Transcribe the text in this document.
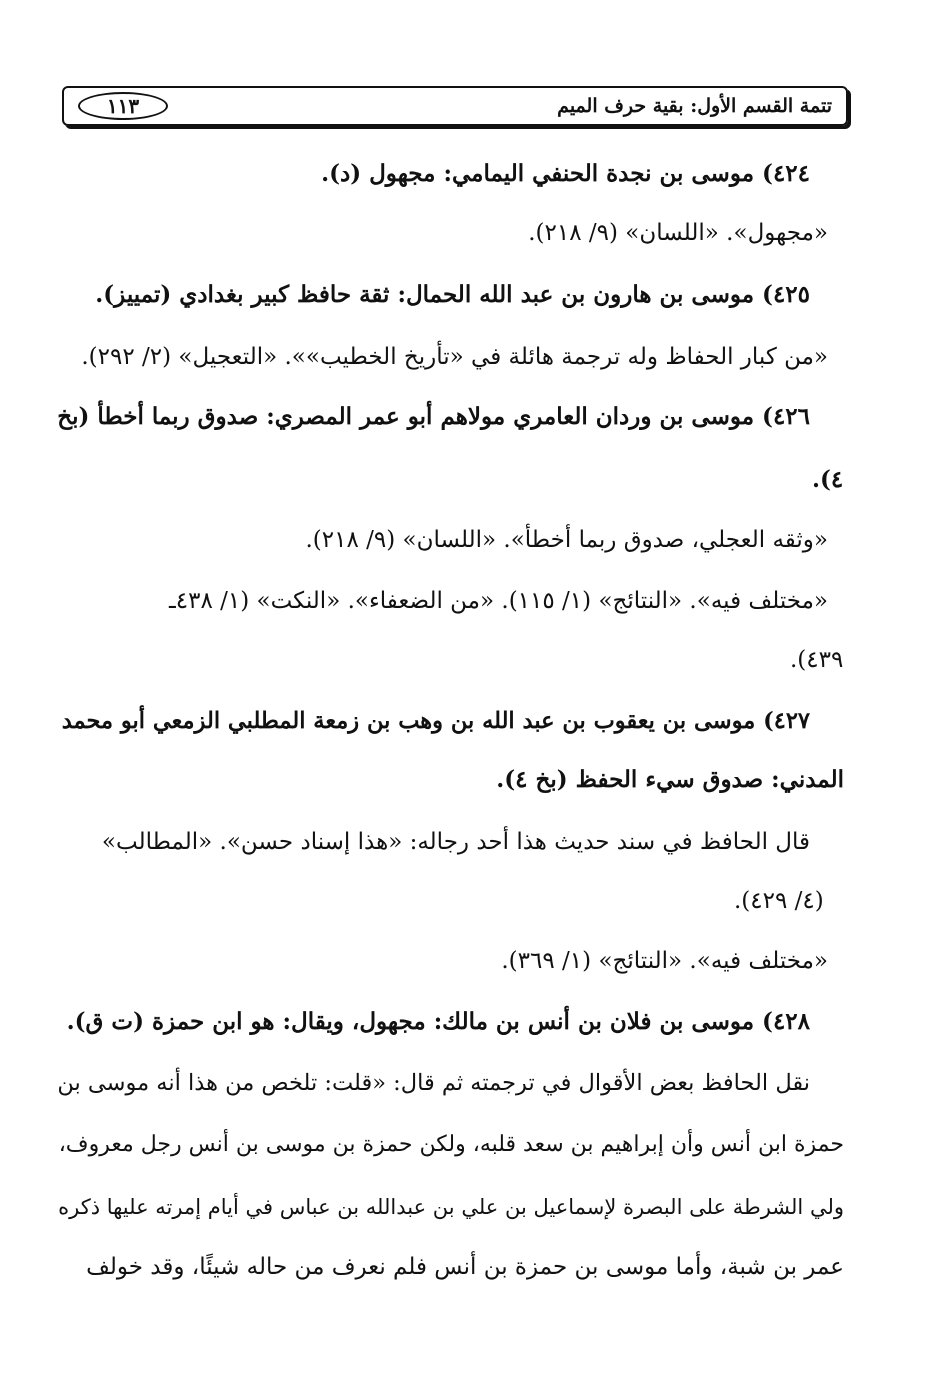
تتمة القسم الأول: بقية حرف الميم
١١٣
٤٢٤) موسى بن نجدة الحنفي اليمامي: مجهول (د).
«مجهول». «اللسان» (٩/ ٢١٨).
٤٢٥) موسى بن هارون بن عبد الله الحمال: ثقة حافظ كبير بغدادي (تمييز).
«من كبار الحفاظ وله ترجمة هائلة في «تأريخ الخطيب»». «التعجيل» (٢/ ٢٩٢).
٤٢٦) موسى بن وردان العامري مولاهم أبو عمر المصري: صدوق ربما أخطأ (بخ
٤).
«وثقه العجلي، صدوق ربما أخطأ». «اللسان» (٩/ ٢١٨).
«مختلف فيه». «النتائج» (١/ ١١٥). «من الضعفاء». «النكت» (١/ ٤٣٨ـ
٤٣٩).
٤٢٧) موسى بن يعقوب بن عبد الله بن وهب بن زمعة المطلبي الزمعي أبو محمد
المدني: صدوق سيء الحفظ (بخ ٤).
قال الحافظ في سند حديث هذا أحد رجاله: «هذا إسناد حسن». «المطالب»
(٤/ ٤٢٩).
«مختلف فيه». «النتائج» (١/ ٣٦٩).
٤٢٨) موسى بن فلان بن أنس بن مالك: مجهول، ويقال: هو ابن حمزة (ت ق).
نقل الحافظ بعض الأقوال في ترجمته ثم قال: «قلت: تلخص من هذا أنه موسى بن
حمزة ابن أنس وأن إبراهيم بن سعد قلبه، ولكن حمزة بن موسى بن أنس رجل معروف،
ولي الشرطة على البصرة لإسماعيل بن علي بن عبدالله بن عباس في أيام إمرته عليها ذكره
عمر بن شبة، وأما موسى بن حمزة بن أنس فلم نعرف من حاله شيئًا، وقد خولف
